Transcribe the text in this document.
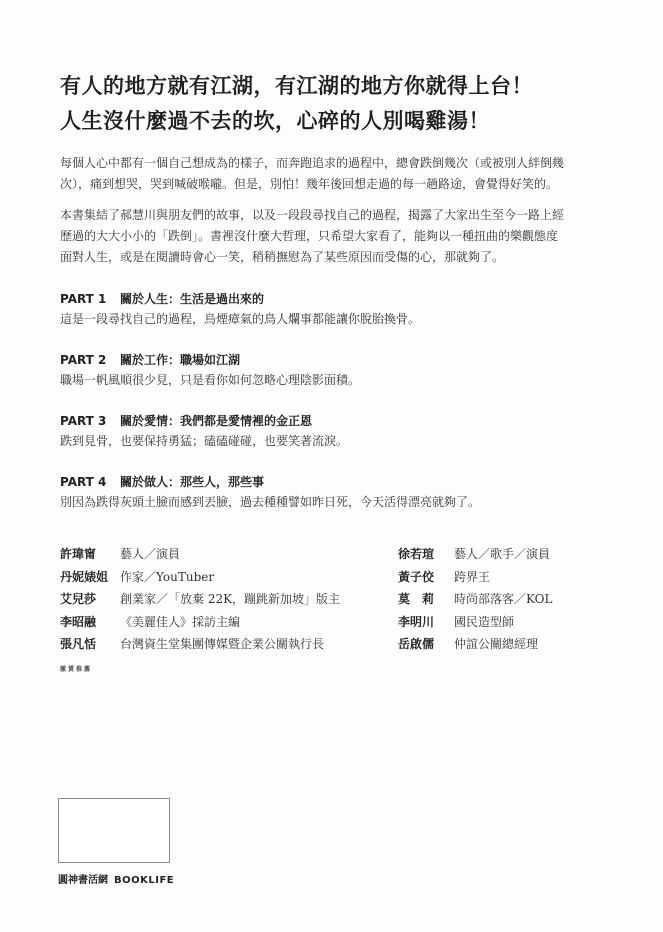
有人的地方就有江湖，有江湖的地方你就得上台！
人生沒什麼過不去的坎，心碎的人別喝雞湯！

每個人心中都有一個自己想成為的樣子，而奔跑追求的過程中，總會跌倒幾次（或被別人絆倒幾
次），痛到想哭，哭到喊破喉嚨。但是，別怕！幾年後回想走過的每一趟路途，會覺得好笑的。

本書集結了郝慧川與朋友們的故事，以及一段段尋找自己的過程，揭露了大家出生至今一路上經
歷過的大大小小的「跌倒」。書裡沒什麼大哲理，只希望大家看了，能夠以一種扭曲的樂觀態度
面對人生，或是在閱讀時會心一笑，稍稍撫慰為了某些原因而受傷的心，那就夠了。

PART 1 關於人生：生活是過出來的
這是一段尋找自己的過程，烏煙瘴氣的鳥人爛事都能讓你脫胎換骨。
PART 2 關於工作：職場如江湖
職場一帆風順很少見，只是看你如何忽略心理陰影面積。
PART 3 關於愛情：我們都是愛情裡的金正恩
跌到見骨，也要保持勇猛；磕磕碰碰，也要笑著流淚。
PART 4 關於做人：那些人，那些事
別因為跌得灰頭土臉而感到丟臉，過去種種譬如昨日死，今天活得漂亮就夠了。
許瑋甯 藝人／演員	徐若瑄 藝人／歌手／演員
丹妮婊姐 作家／YouTuber	黃子佼 跨界王
艾兒莎 創業家／「放棄 22K，蹦跳新加坡」版主	莫　莉 時尚部落客／KOL
李昭融 《美麗佳人》採訪主編	李明川 國民造型師
張凡恬 台灣資生堂集團傳媒暨企業公關執行長	岳啟儒 仲誼公關總經理
激賞推薦
圓神書活網 BOOKLIFE
